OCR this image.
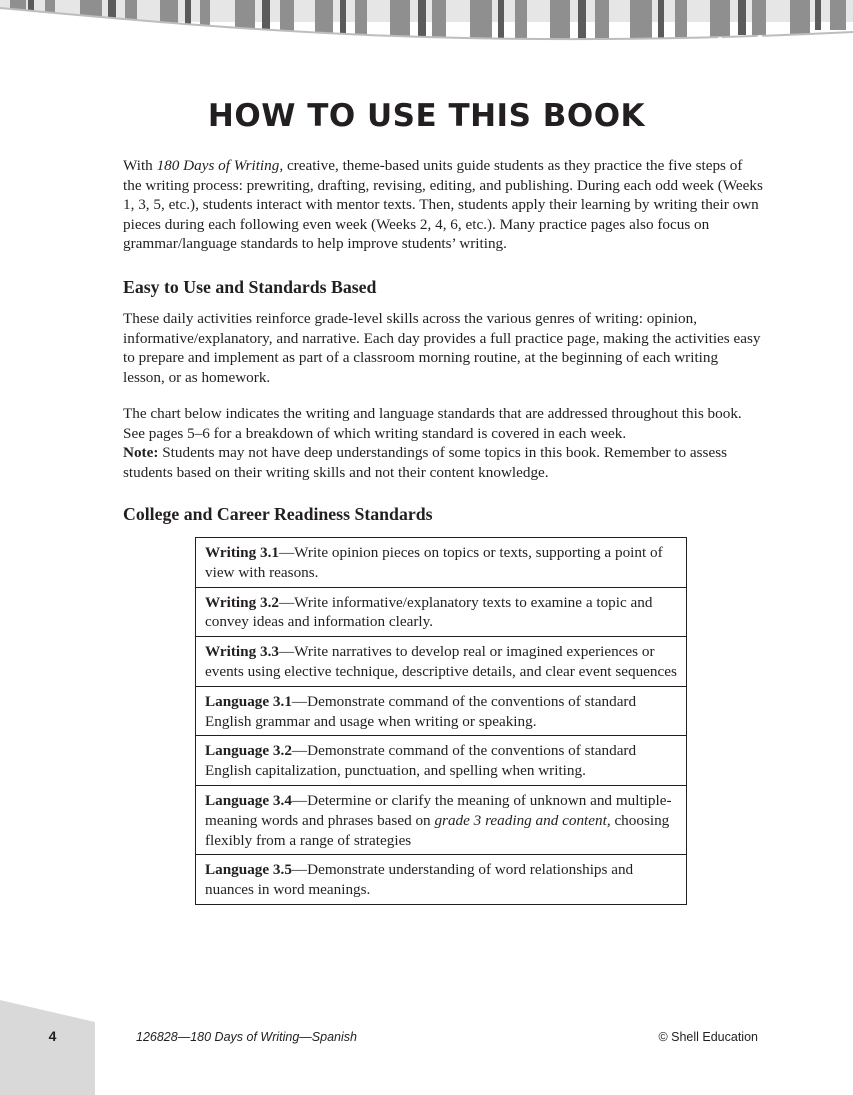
HOW TO USE THIS BOOK

With 180 Days of Writing, creative, theme-based units guide students as they practice the five steps of the writing process: prewriting, drafting, revising, editing, and publishing. During each odd week (Weeks 1, 3, 5, etc.), students interact with mentor texts. Then, students apply their learning by writing their own pieces during each following even week (Weeks 2, 4, 6, etc.). Many practice pages also focus on grammar/language standards to help improve students’ writing.

Easy to Use and Standards Based

These daily activities reinforce grade-level skills across the various genres of writing: opinion, informative/explanatory, and narrative. Each day provides a full practice page, making the activities easy to prepare and implement as part of a classroom morning routine, at the beginning of each writing lesson, or as homework.

The chart below indicates the writing and language standards that are addressed throughout this book. See pages 5–6 for a breakdown of which writing standard is covered in each week.
Note: Students may not have deep understandings of some topics in this book. Remember to assess students based on their writing skills and not their content knowledge.

College and Career Readiness Standards
Writing 3.1—Write opinion pieces on topics or texts, supporting a point of view with reasons.
Writing 3.2—Write informative/explanatory texts to examine a topic and convey ideas and information clearly.
Writing 3.3—Write narratives to develop real or imagined experiences or events using elective technique, descriptive details, and clear event sequences
Language 3.1—Demonstrate command of the conventions of standard English grammar and usage when writing or speaking.
Language 3.2—Demonstrate command of the conventions of standard English capitalization, punctuation, and spelling when writing.
Language 3.4—Determine or clarify the meaning of unknown and multiple-meaning words and phrases based on grade 3 reading and content, choosing flexibly from a range of strategies
Language 3.5—Demonstrate understanding of word relationships and nuances in word meanings.
4	126828—180 Days of Writing—Spanish	© Shell Education
